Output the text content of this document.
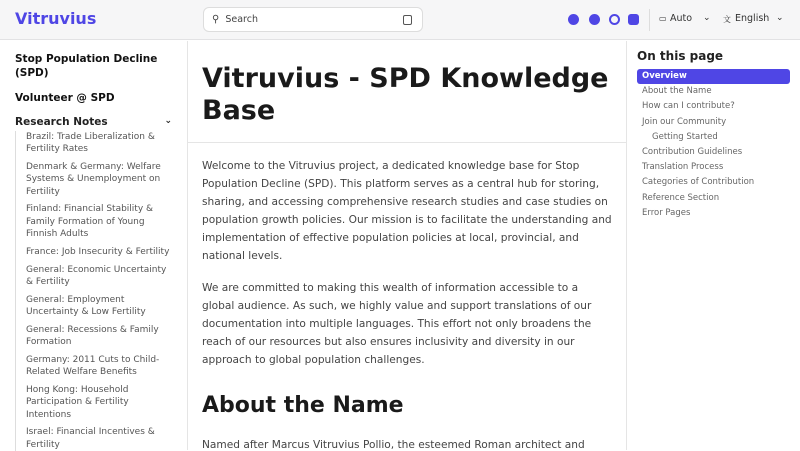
Vitruvius	⚲ Search	▭ Auto ⌄ 文 English ⌄
Stop Population Decline (SPD)
Volunteer @ SPD
Research Notes	⌄
Brazil: Trade Liberalization & Fertility Rates
Denmark & Germany: Welfare Systems & Unemployment on Fertility
Finland: Financial Stability & Family Formation of Young Finnish Adults
France: Job Insecurity & Fertility
General: Economic Uncertainty & Fertility
General: Employment Uncertainty & Low Fertility
General: Recessions & Family Formation
Germany: 2011 Cuts to Child-Related Welfare Benefits
Hong Kong: Household Participation & Fertility Intentions
Israel: Financial Incentives & Fertility
Vitruvius - SPD Knowledge Base
Welcome to the Vitruvius project, a dedicated knowledge base for Stop Population Decline (SPD). This platform serves as a central hub for storing, sharing, and accessing comprehensive research studies and case studies on population growth policies. Our mission is to facilitate the understanding and implementation of effective population policies at local, provincial, and national levels.
We are committed to making this wealth of information accessible to a global audience. As such, we highly value and support translations of our documentation into multiple languages. This effort not only broadens the reach of our resources but also ensures inclusivity and diversity in our approach to global population challenges.
About the Name
Named after Marcus Vitruvius Pollio, the esteemed Roman architect and
On this page
Overview
About the Name
How can I contribute?
Join our Community
Getting Started
Contribution Guidelines
Translation Process
Categories of Contribution
Reference Section
Error Pages
